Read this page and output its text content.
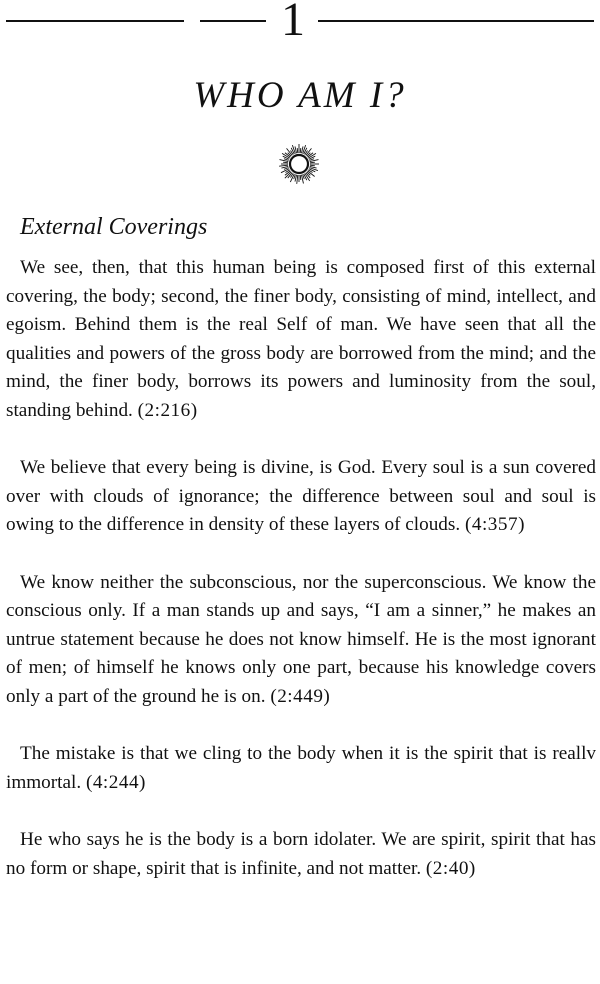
1
WHO AM I?
External Coverings

We see, then, that this human being is composed first of this external covering, the body; second, the finer body, consisting of mind, intellect, and egoism. Behind them is the real Self of man. We have seen that all the qualities and powers of the gross body are borrowed from the mind; and the mind, the finer body, borrows its powers and luminosity from the soul, standing behind. (2:216)

We believe that every being is divine, is God. Every soul is a sun covered over with clouds of ignorance; the difference between soul and soul is owing to the difference in density of these layers of clouds. (4:357)

We know neither the subconscious, nor the superconscious. We know the conscious only. If a man stands up and says, “I am a sinner,” he makes an untrue statement because he does not know himself. He is the most ignorant of men; of himself he knows only one part, because his knowledge covers only a part of the ground he is on. (2:449)

The mistake is that we cling to the body when it is the spirit that is reallv immortal. (4:244)

He who says he is the body is a born idolater. We are spirit, spirit that has no form or shape, spirit that is infinite, and not matter. (2:40)
